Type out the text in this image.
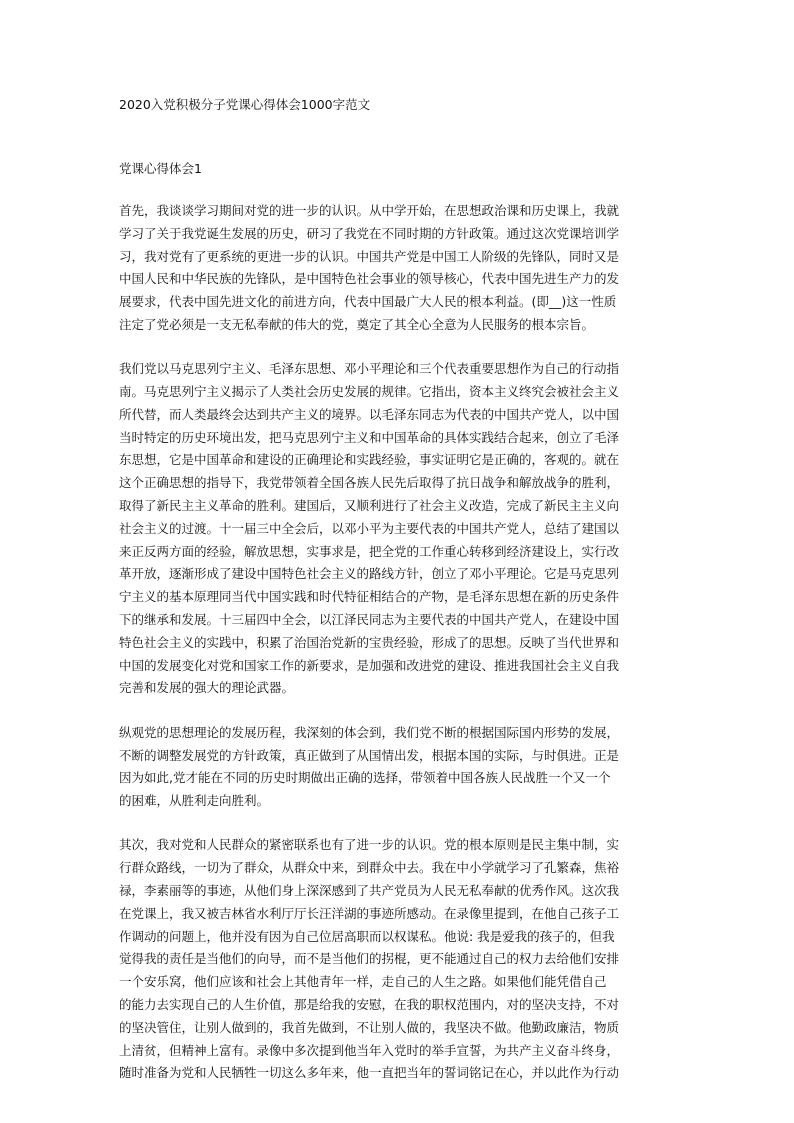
2020入党积极分子党课心得体会1000字范文
党课心得体会1
首先，我谈谈学习期间对党的进一步的认识。从中学开始，在思想政治课和历史课上，我就
学习了关于我党诞生发展的历史，研习了我党在不同时期的方针政策。通过这次党课培训学
习，我对党有了更系统的更进一步的认识。中国共产党是中国工人阶级的先锋队，同时又是
中国人民和中华民族的先锋队，是中国特色社会事业的领导核心，代表中国先进生产力的发
展要求，代表中国先进文化的前进方向，代表中国最广大人民的根本利益。(即__)这一性质
注定了党必须是一支无私奉献的伟大的党，奠定了其全心全意为人民服务的根本宗旨。
我们党以马克思列宁主义、毛泽东思想、邓小平理论和三个代表重要思想作为自己的行动指
南。马克思列宁主义揭示了人类社会历史发展的规律。它指出，资本主义终究会被社会主义
所代替，而人类最终会达到共产主义的境界。以毛泽东同志为代表的中国共产党人，以中国
当时特定的历史环境出发，把马克思列宁主义和中国革命的具体实践结合起来，创立了毛泽
东思想，它是中国革命和建设的正确理论和实践经验，事实证明它是正确的，客观的。就在
这个正确思想的指导下，我党带领着全国各族人民先后取得了抗日战争和解放战争的胜利，
取得了新民主主义革命的胜利。建国后，又顺利进行了社会主义改造，完成了新民主主义向
社会主义的过渡。十一届三中全会后，以邓小平为主要代表的中国共产党人，总结了建国以
来正反两方面的经验，解放思想，实事求是，把全党的工作重心转移到经济建设上，实行改
革开放，逐渐形成了建设中国特色社会主义的路线方针，创立了邓小平理论。它是马克思列
宁主义的基本原理同当代中国实践和时代特征相结合的产物，是毛泽东思想在新的历史条件
下的继承和发展。十三届四中全会，以江泽民同志为主要代表的中国共产党人，在建设中国
特色社会主义的实践中，积累了治国治党新的宝贵经验，形成了的思想。反映了当代世界和
中国的发展变化对党和国家工作的新要求，是加强和改进党的建设、推进我国社会主义自我
完善和发展的强大的理论武器。
纵观党的思想理论的发展历程，我深刻的体会到，我们党不断的根据国际国内形势的发展，
不断的调整发展党的方针政策，真正做到了从国情出发，根据本国的实际，与时俱进。正是
因为如此,党才能在不同的历史时期做出正确的选择，带领着中国各族人民战胜一个又一个
的困难，从胜利走向胜利。
其次，我对党和人民群众的紧密联系也有了进一步的认识。党的根本原则是民主集中制，实
行群众路线，一切为了群众，从群众中来，到群众中去。我在中小学就学习了孔繁森，焦裕
禄，李素丽等的事迹，从他们身上深深感到了共产党员为人民无私奉献的优秀作风。这次我
在党课上，我又被吉林省水利厅厅长汪洋湖的事迹所感动。在录像里提到，在他自己孩子工
作调动的问题上，他并没有因为自己位居高职而以权谋私。他说: 我是爱我的孩子的，但我
觉得我的责任是当他们的向导，而不是当他们的拐棍，更不能通过自己的权力去给他们安排
一个安乐窝，他们应该和社会上其他青年一样，走自己的人生之路。如果他们能凭借自己
的能力去实现自己的人生价值，那是给我的安慰，在我的职权范围内，对的坚决支持，不对
的坚决管住，让别人做到的，我首先做到，不让别人做的，我坚决不做。他勤政廉洁，物质
上清贫，但精神上富有。录像中多次提到他当年入党时的举手宣誓，为共产主义奋斗终身，
随时准备为党和人民牺牲一切这么多年来，他一直把当年的誓词铭记在心，并以此作为行动
